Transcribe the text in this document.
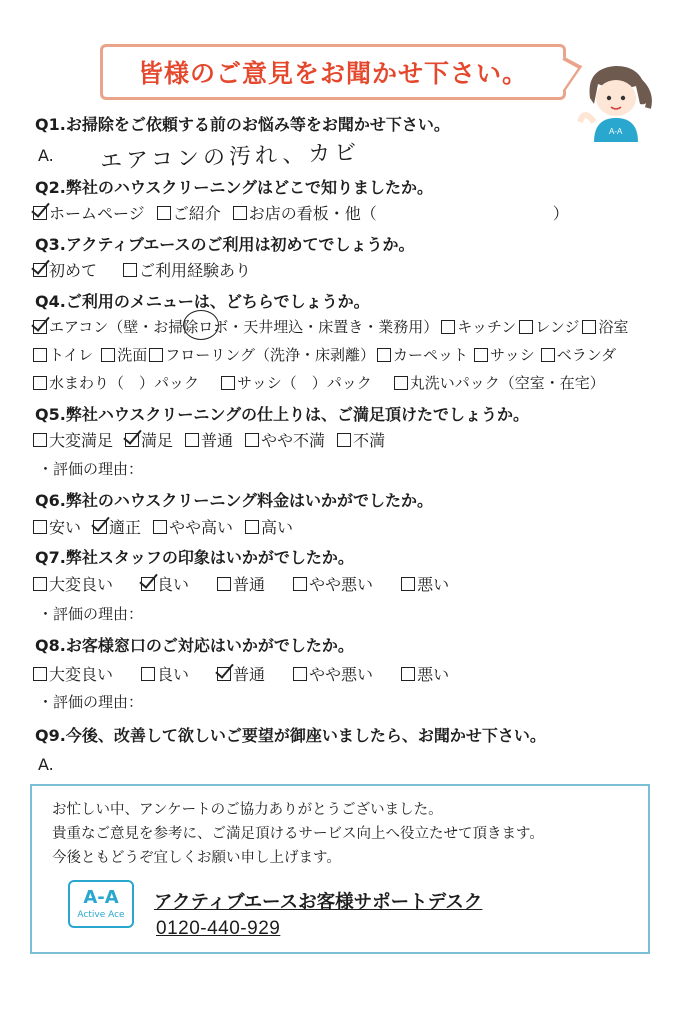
皆様のご意見をお聞かせ下さい。
A-A
Q1.お掃除をご依頼する前のお悩み等をお聞かせ下さい。
A. エアコンの汚れ、カビ
Q2.弊社のハウスクリーニングはどこで知りましたか。
ホームページ ご紹介 お店の看板・他（　　　　　　　　　　　）
Q3.アクティブエースのご利用は初めてでしょうか。
初めて	ご利用経験あり
Q4.ご利用のメニューは、どちらでしょうか。
エアコン（壁・お掃除ロボ・天井埋込・床置き・業務用） キッチン レンジ 浴室
トイレ 洗面 フローリング（洗浄・床剥離） カーペット サッシ ベランダ
水まわり（　）パック	サッシ（　）パック	丸洗いパック（空室・在宅）
Q5.弊社ハウスクリーニングの仕上りは、ご満足頂けたでしょうか。
大変満足 満足 普通 やや不満 不満
・評価の理由：
Q6.弊社のハウスクリーニング料金はいかがでしたか。
安い 適正 やや高い 高い
Q7.弊社スタッフの印象はいかがでしたか。
大変良い	良い	普通	やや悪い	悪い
・評価の理由：
Q8.お客様窓口のご対応はいかがでしたか。
大変良い	良い	普通	やや悪い	悪い
・評価の理由：
Q9.今後、改善して欲しいご要望が御座いましたら、お聞かせ下さい。
A.
お忙しい中、アンケートのご協力ありがとうございました。
貴重なご意見を参考に、ご満足頂けるサービス向上へ役立たせて頂きます。
今後ともどうぞ宜しくお願い申し上げます。
A-A
Active Ace
アクティブエースお客様サポートデスク
0120-440-929
